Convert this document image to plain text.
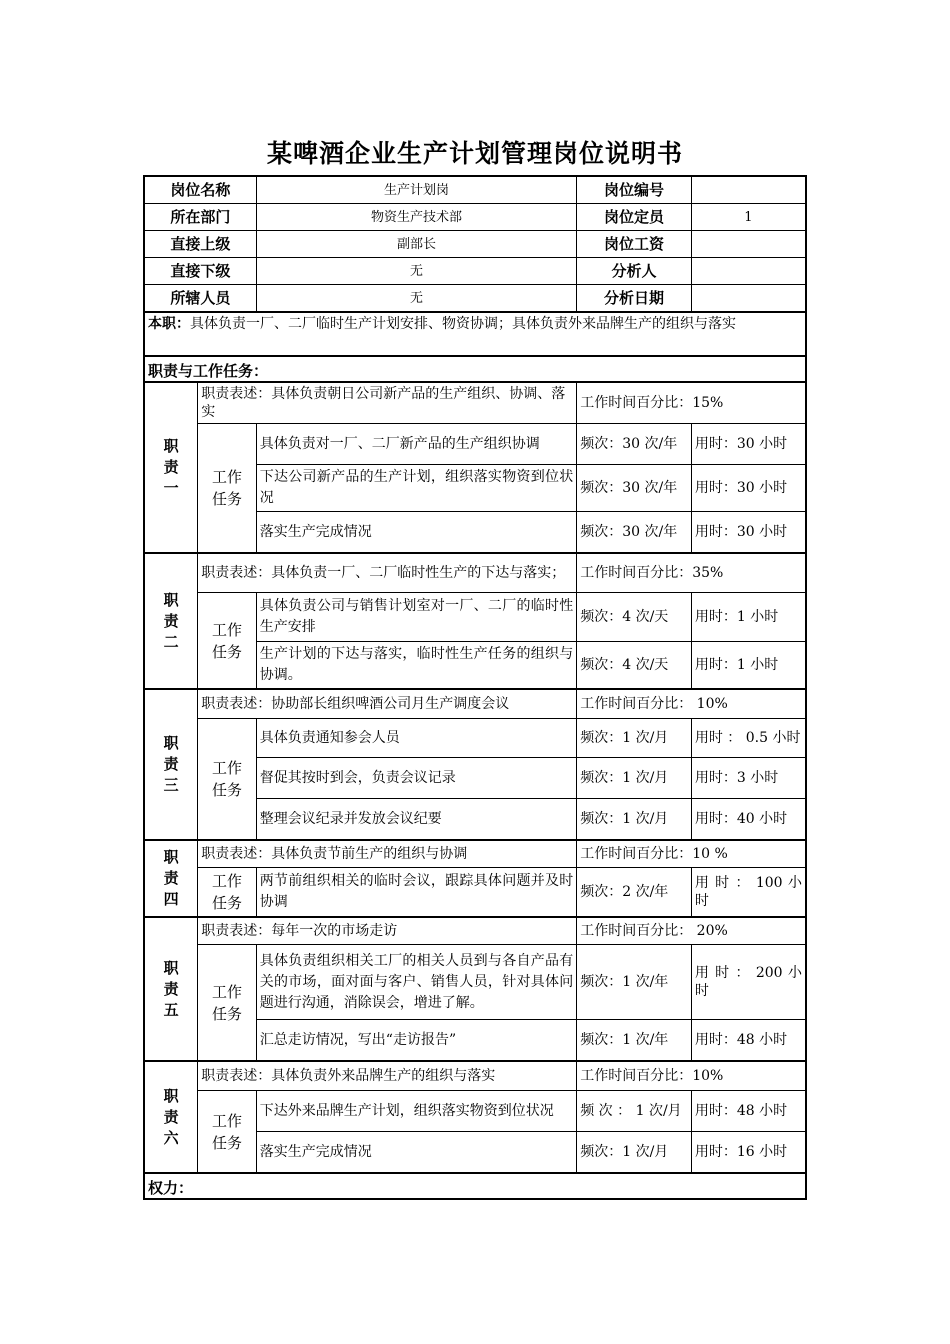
某啤酒企业生产计划管理岗位说明书
岗位名称		生产计划岗	岗位编号	
所在部门		物资生产技术部	岗位定员	1
直接上级		副部长	岗位工资	
直接下级		无	分析人	
所辖人员		无	分析日期	
本职：具体负责一厂、二厂临时生产计划安排、物资协调；具体负责外来品牌生产的组织与落实				
职责与工作任务：				

职责一	职责表述：具体负责朝日公司新产品的生产组织、协调、落实		工作时间百分比：15%	

	工作任务	具体负责对一厂、二厂新产品的生产组织协调	频次：30 次/年	用时：30 小时
		下达公司新产品的生产计划，组织落实物资到位状况	频次：30 次/年	用时：30 小时
		落实生产完成情况	频次：30 次/年	用时：30 小时

职责二	职责表述：具体负责一厂、二厂临时性生产的下达与落实；		工作时间百分比：35%	

	工作任务	具体负责公司与销售计划室对一厂、二厂的临时性生产安排	频次：4 次/天	用时：1 小时
		生产计划的下达与落实，临时性生产任务的组织与协调。	频次：4 次/天	用时：1 小时

职责三	职责表述：协助部长组织啤酒公司月生产调度会议		工作时间百分比： 10%	

	工作任务	具体负责通知参会人员	频次：1 次/月	用时 ： 0.5 小时
		督促其按时到会，负责会议记录	频次：1 次/月	用时：3 小时
		整理会议纪录并发放会议纪要	频次：1 次/月	用时：40 小时

职责四	职责表述：具体负责节前生产的组织与协调		工作时间百分比：10 %	

	工作任务	两节前组织相关的临时会议，跟踪具体问题并及时协调	频次：2 次/年	用 时 ： 100 小时

职责五	职责表述：每年一次的市场走访		工作时间百分比： 20%	

	工作任务	具体负责组织相关工厂的相关人员到与各自产品有关的市场，面对面与客户、销售人员，针对具体问题进行沟通，消除误会，增进了解。	频次：1 次/年	用 时 ： 200 小时
		汇总走访情况，写出“走访报告”	频次：1 次/年	用时：48 小时

职责六	职责表述：具体负责外来品牌生产的组织与落实		工作时间百分比：10%	

	工作任务	下达外来品牌生产计划，组织落实物资到位状况	频 次 ： 1 次/月	用时：48 小时
		落实生产完成情况	频次：1 次/月	用时：16 小时
权力：				
